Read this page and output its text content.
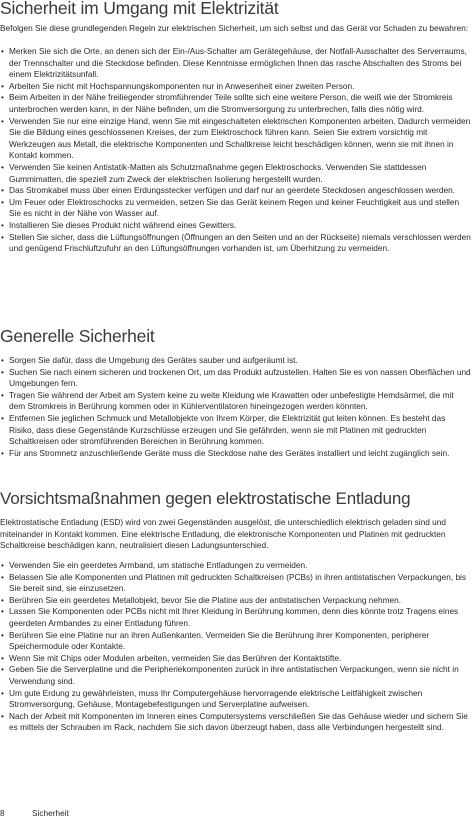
Sicherheit im Umgang mit Elektrizität

Befolgen Sie diese grundlegenden Regeln zur elektrischen Sicherheit, um sich selbst und das Gerät vor Schaden zu bewahren:

• Merken Sie sich die Orte, an denen sich der Ein-/Aus-Schalter am Gerätegehäuse, der Notfall-Ausschalter des Serverraums, der Trennschalter und die Steckdose befinden. Diese Kenntnisse ermöglichen Ihnen das rasche Abschalten des Stroms bei einem Elektrizitätsunfall.
• Arbeiten Sie nicht mit Hochspannungskomponenten nur in Anwesenheit einer zweiten Person.
• Beim Arbeiten in der Nähe freiliegender stromführender Teile sollte sich eine weitere Person, die weiß wie der Stromkreis unterbrochen werden kann, in der Nähe befinden, um die Stromversorgung zu unterbrechen, falls dies nötig wird.
• Verwenden Sie nur eine einzige Hand, wenn Sie mit eingeschalteten elektrischen Komponenten arbeiten. Dadurch vermeiden Sie die Bildung eines geschlossenen Kreises, der zum Elektroschock führen kann. Seien Sie extrem vorsichtig mit Werkzeugen aus Metall, die elektrische Komponenten und Schaltkreise leicht beschädigen können, wenn sie mit ihnen in Kontakt kommen.
• Verwenden Sie keinen Antistatik-Matten als Schutzmaßnahme gegen Elektroschocks. Verwenden Sie stattdessen Gummimatten, die speziell zum Zweck der elektrischen Isolierung hergestellt wurden.
• Das Stromkabel muss über einen Erdungsstecker verfügen und darf nur an geerdete Steckdosen angeschlossen werden.
• Um Feuer oder Elektroschocks zu vermeiden, setzen Sie das Gerät keinem Regen und keiner Feuchtigkeit aus und stellen Sie es nicht in der Nähe von Wasser auf.
• Installieren Sie dieses Produkt nicht während eines Gewitters.
• Stellen Sie sicher, dass die Lüftungsöffnungen (Öffnungen an den Seiten und an der Rückseite) niemals verschlossen werden und genügend Frischluftzufuhr an den Lüftungsöffnungen vorhanden ist, um Überhitzung zu vermeiden.
Generelle Sicherheit
• Sorgen Sie dafür, dass die Umgebung des Gerätes sauber und aufgeräumt ist.
• Suchen Sie nach einem sicheren und trockenen Ort, um das Produkt aufzustellen. Halten Sie es von nassen Oberflächen und Umgebungen fern.
• Tragen Sie während der Arbeit am System keine zu weite Kleidung wie Krawatten oder unbefestigte Hemdsärmel, die mit dem Stromkreis in Berührung kommen oder in Kühlerventilatoren hineingezogen werden könnten.
• Entfernen Sie jeglichen Schmuck und Metallobjekte von Ihrem Körper, die Elektrizität gut leiten können. Es besteht das Risiko, dass diese Gegenstände Kurzschlüsse erzeugen und Sie gefährden, wenn sie mit Platinen mit gedruckten Schaltkreisen oder stromführenden Bereichen in Berührung kommen.
• Für ans Stromnetz anzuschließende Geräte muss die Steckdose nahe des Gerätes installiert und leicht zugänglich sein.
Vorsichtsmaßnahmen gegen elektrostatische Entladung

Elektrostatische Entladung (ESD) wird von zwei Gegenständen ausgelöst, die unterschiedlich elektrisch geladen sind und miteinander in Kontakt kommen. Eine elektrische Entladung, die elektronische Komponenten und Platinen mit gedruckten Schaltkreise beschädigen kann, neutralisiert diesen Ladungsunterschied.

• Verwenden Sie ein geerdetes Armband, um statische Entladungen zu vermeiden.
• Belassen Sie alle Komponenten und Platinen mit gedruckten Schaltkreisen (PCBs) in ihren antistatischen Verpackungen, bis Sie bereit sind, sie einzusetzen.
• Berühren Sie ein geerdetes Metallobjekt, bevor Sie die Platine aus der antistatischen Verpackung nehmen.
• Lassen Sie Komponenten oder PCBs nicht mit Ihrer Kleidung in Berührung kommen, denn dies könnte trotz Tragens eines geerdeten Armbandes zu einer Entladung führen.
• Berühren Sie eine Platine nur an ihren Außenkanten. Vermeiden Sie die Berührung ihrer Komponenten, peripherer Speichermodule oder Kontakte.
• Wenn Sie mit Chips oder Modulen arbeiten, vermeiden Sie das Berühren der Kontaktstifte.
• Geben Sie die Serverplatine und die Peripheriekomponenten zurück in ihre antistatischen Verpackungen, wenn sie nicht in Verwendung sind.
• Um gute Erdung zu gewährleisten, muss Ihr Computergehäuse hervorragende elektrische Leitfähigkeit zwischen Stromversorgung, Gehäuse, Montagebefestigungen und Serverplatine aufweisen.
• Nach der Arbeit mit Komponenten im Inneren eines Computersystems verschließen Sie das Gehäuse wieder und sichern Sie es mittels der Schrauben im Rack, nachdem Sie sich davon überzeugt haben, dass alle Verbindungen hergestellt sind.
8	Sicherheit
